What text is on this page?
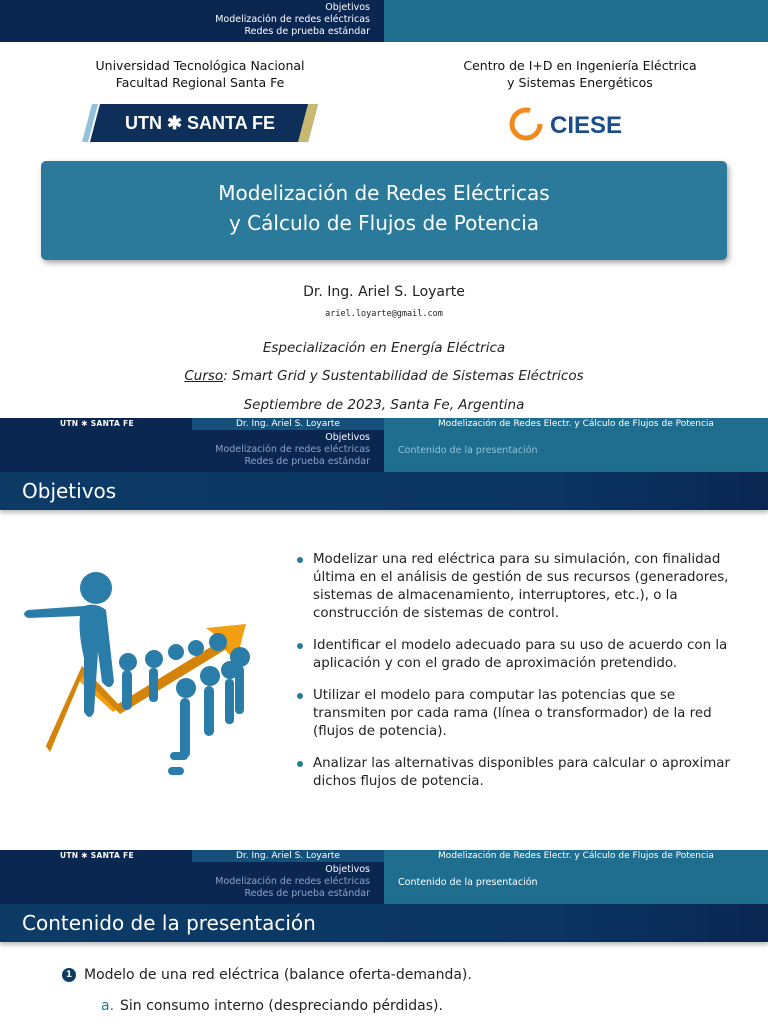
Objetivos
Modelización de redes eléctricas
Redes de prueba estándar
Universidad Tecnológica Nacional
Facultad Regional Santa Fe
Centro de I+D en Ingeniería Eléctrica
y Sistemas Energéticos
UTN ✱ SANTA FE	CIESE
Modelización de Redes Eléctricas
y Cálculo de Flujos de Potencia
Dr. Ing. Ariel S. Loyarte
ariel.loyarte@gmail.com
Especialización en Energía Eléctrica
Curso: Smart Grid y Sustentabilidad de Sistemas Eléctricos
Septiembre de 2023, Santa Fe, Argentina
UTN ✱ SANTA FE	Dr. Ing. Ariel S. Loyarte	Modelización de Redes Electr. y Cálculo de Flujos de Potencia
Objetivos
Modelización de redes eléctricas
Redes de prueba estándar
Contenido de la presentación
Objetivos
Modelizar una red eléctrica para su simulación, con finalidad última en el análisis de gestión de sus recursos (generadores, sistemas de almacenamiento, interruptores, etc.), o la construcción de sistemas de control.
Identificar el modelo adecuado para su uso de acuerdo con la aplicación y con el grado de aproximación pretendido.
Utilizar el modelo para computar las potencias que se transmiten por cada rama (línea o transformador) de la red (flujos de potencia).
Analizar las alternativas disponibles para calcular o aproximar dichos flujos de potencia.
UTN ✱ SANTA FE	Dr. Ing. Ariel S. Loyarte	Modelización de Redes Electr. y Cálculo de Flujos de Potencia
Objetivos
Modelización de redes eléctricas
Redes de prueba estándar
Contenido de la presentación
Contenido de la presentación
1 Modelo de una red eléctrica (balance oferta-demanda).
a. Sin consumo interno (despreciando pérdidas).
